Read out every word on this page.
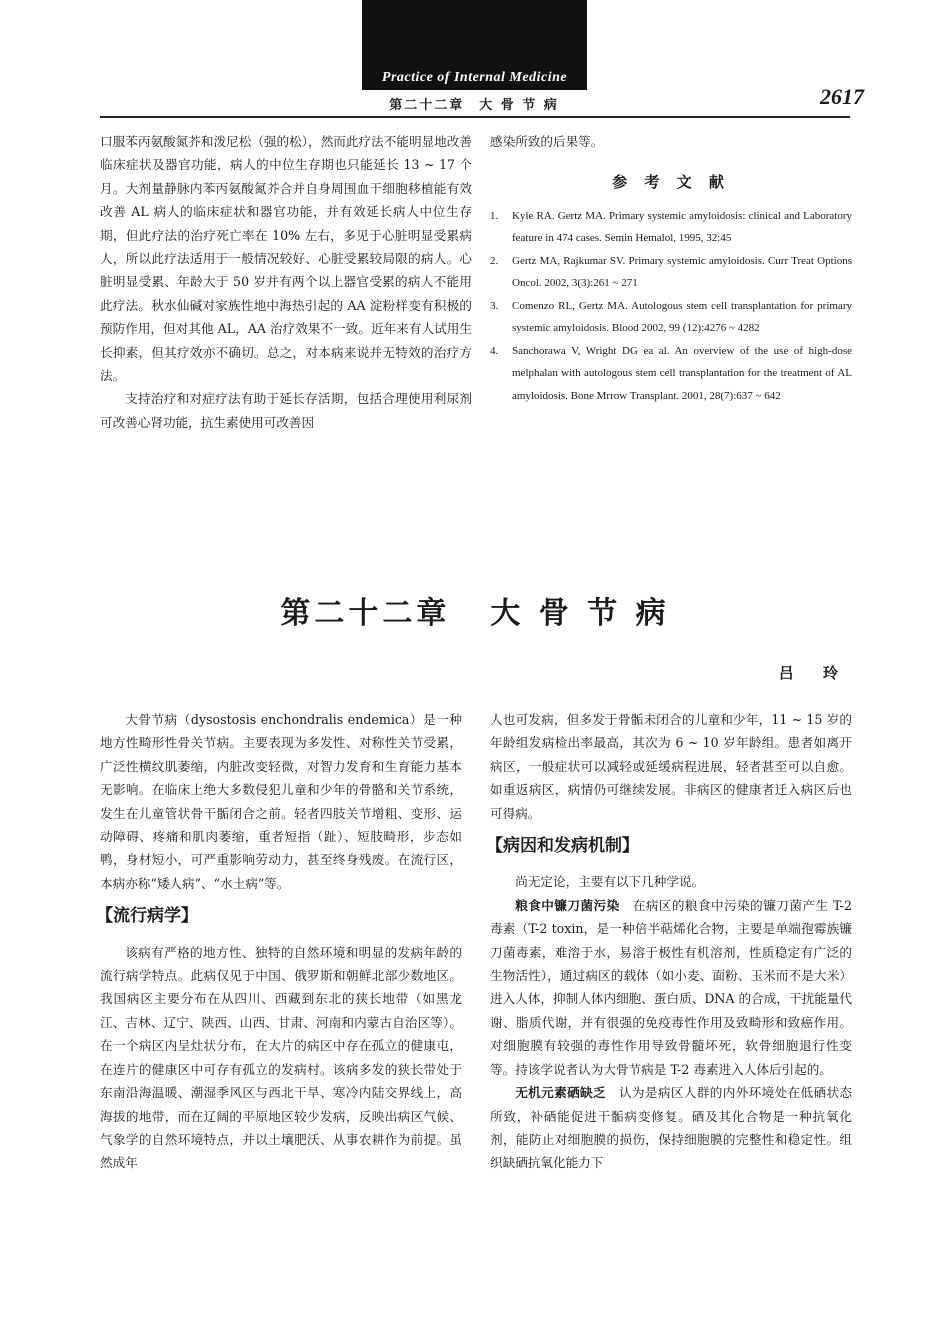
Practice of Internal Medicine
第二十二章　大 骨 节 病	2617

口服苯丙氨酸氮芥和泼尼松（强的松），然而此疗法不能明显地改善临床症状及器官功能，病人的中位生存期也只能延长 13 ~ 17 个月。大剂量静脉内苯丙氨酸氮芥合并自身周围血干细胞移植能有效改善 AL 病人的临床症状和器官功能，并有效延长病人中位生存期，但此疗法的治疗死亡率在 10% 左右，多见于心脏明显受累病人，所以此疗法适用于一般情况较好、心脏受累较局限的病人。心脏明显受累、年龄大于 50 岁并有两个以上器官受累的病人不能用此疗法。秋水仙碱对家族性地中海热引起的 AA 淀粉样变有积极的预防作用，但对其他 AL，AA 治疗效果不一致。近年来有人试用生长抑素，但其疗效亦不确切。总之，对本病来说并无特效的治疗方法。

支持治疗和对症疗法有助于延长存活期，包括合理使用利尿剂可改善心肾功能，抗生素使用可改善因

感染所致的后果等。

参 考 文 献
1. Kyle RA. Gertz MA. Primary systemic amyloidosis: clinical and Laboratory feature in 474 cases. Semin Hemalol, 1995, 32:45
2. Gertz MA, Rajkumar SV. Primary systemic amyloidosis. Curr Treat Options Oncol. 2002, 3(3):261 ~ 271
3. Comenzo RL, Gertz MA. Autologous stem cell transplantation for primary systemic amyloidosis. Blood 2002, 99 (12):4276 ~ 4282
4. Sanchorawa V, Wright DG ea al. An overview of the use of high-dose melphalan with autologous stem cell transplantation for the treatment of AL amyloidosis. Bone Mrrow Transplant. 2001, 28(7):637 ~ 642
第二十二章 大 骨 节 病
吕 玲

大骨节病（dysostosis enchondralis endemica）是一种地方性畸形性骨关节病。主要表现为多发性、对称性关节受累，广泛性横纹肌萎缩，内脏改变轻微，对智力发育和生育能力基本无影响。在临床上绝大多数侵犯儿童和少年的骨骼和关节系统，发生在儿童管状骨干骺闭合之前。轻者四肢关节增粗、变形、运动障碍、疼痛和肌肉萎缩，重者短指（趾）、短肢畸形，步态如鸭，身材短小，可严重影响劳动力，甚至终身残废。在流行区，本病亦称“矮人病”、“水土病”等。

【流行病学】

该病有严格的地方性、独特的自然环境和明显的发病年龄的流行病学特点。此病仅见于中国、俄罗斯和朝鲜北部少数地区。我国病区主要分布在从四川、西藏到东北的狭长地带（如黑龙江、吉林、辽宁、陕西、山西、甘肃、河南和内蒙古自治区等）。在一个病区内呈灶状分布，在大片的病区中存在孤立的健康屯，在连片的健康区中可存有孤立的发病村。该病多发的狭长带处于东南沿海温暖、潮湿季风区与西北干旱、寒冷内陆交界线上，高海拔的地带，而在辽阔的平原地区较少发病，反映出病区气候、气象学的自然环境特点，并以土壤肥沃、从事农耕作为前提。虽然成年

人也可发病，但多发于骨骺未闭合的儿童和少年，11 ~ 15 岁的年龄组发病检出率最高，其次为 6 ~ 10 岁年龄组。患者如离开病区，一般症状可以减轻或延缓病程进展，轻者甚至可以自愈。如重返病区，病情仍可继续发展。非病区的健康者迁入病区后也可得病。

【病因和发病机制】

尚无定论，主要有以下几种学说。

粮食中镰刀菌污染　 在病区的粮食中污染的镰刀菌产生 T-2 毒素（T-2 toxin，是一种倍半萜烯化合物，主要是单端孢霉族镰刀菌毒素，难溶于水，易溶于极性有机溶剂，性质稳定有广泛的生物活性），通过病区的载体（如小麦、面粉、玉米而不是大米）进入人体，抑制人体内细胞、蛋白质、DNA 的合成，干扰能量代谢、脂质代谢，并有很强的免疫毒性作用及致畸形和致癌作用。对细胞膜有较强的毒性作用导致骨髓坏死，软骨细胞退行性变等。持该学说者认为大骨节病是 T-2 毒素进入人体后引起的。

无机元素硒缺乏　 认为是病区人群的内外环境处在低硒状态所致，补硒能促进干骺病变修复。硒及其化合物是一种抗氧化剂，能防止对细胞膜的损伤，保持细胞膜的完整性和稳定性。组织缺硒抗氧化能力下
